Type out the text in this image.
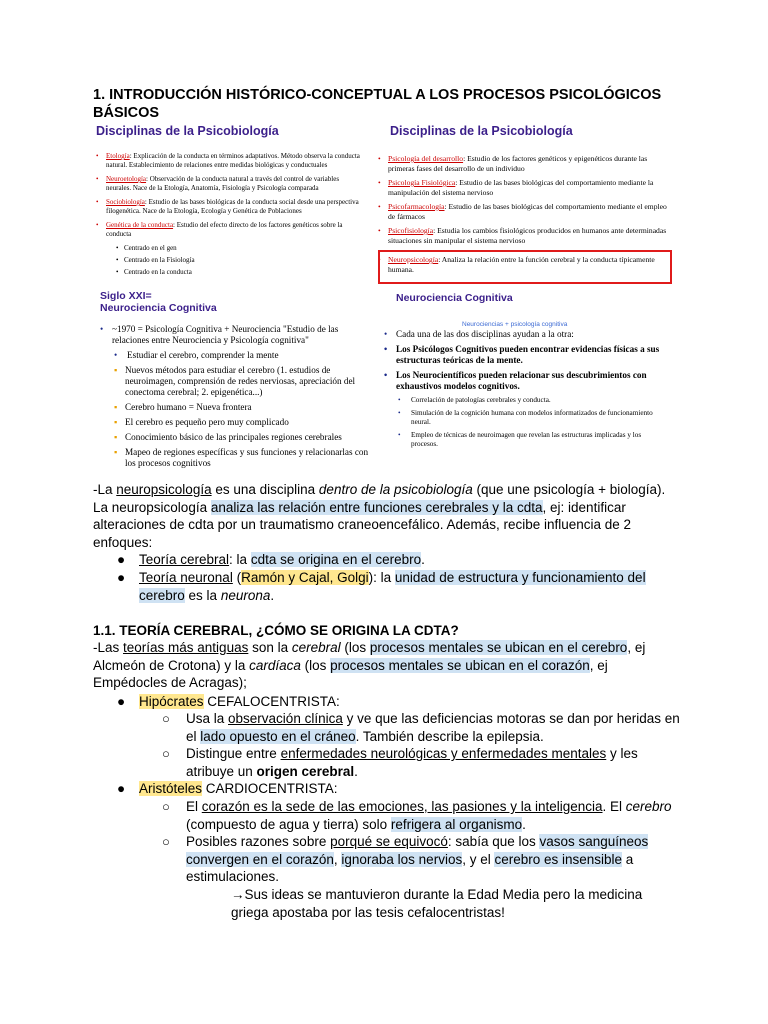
1. INTRODUCCIÓN HISTÓRICO-CONCEPTUAL A LOS PROCESOS PSICOLÓGICOS BÁSICOS
Disciplinas de la Psicobiología
• Etología: Explicación de la conducta en términos adaptativos. Método observa la conducta natural. Establecimiento de relaciones entre medidas biológicas y conductuales
• Neuroetología: Observación de la conducta natural a través del control de variables neurales. Nace de la Etología, Anatomía, Fisiología y Psicología comparada
• Sociobiología: Estudio de las bases biológicas de la conducta social desde una perspectiva filogenética. Nace de la Etología, Ecología y Genética de Poblaciones
• Genética de la conducta: Estudio del efecto directo de los factores genéticos sobre la conducta
• Centrado en el gen
• Centrado en la Fisiología
• Centrado en la conducta
Disciplinas de la Psicobiología
• Psicología del desarrollo: Estudio de los factores genéticos y epigenéticos durante las primeras fases del desarrollo de un individuo
• Psicología Fisiológica: Estudio de las bases biológicas del comportamiento mediante la manipulación del sistema nervioso
• Psicofarmacología: Estudio de las bases biológicas del comportamiento mediante el empleo de fármacos
• Psicofisiología: Estudia los cambios fisiológicos producidos en humanos ante determinadas situaciones sin manipular el sistema nervioso
• Neuropsicología: Analiza la relación entre la función cerebral y la conducta típicamente humana.
Siglo XXI=
Neurociencia Cognitiva
• ~1970 = Psicología Cognitiva + Neurociencia "Estudio de las relaciones entre Neurociencia y Psicología cognitiva"
• Estudiar el cerebro, comprender la mente
▪ Nuevos métodos para estudiar el cerebro (1. estudios de neuroimagen, comprensión de redes nerviosas, apreciación del conectoma cerebral; 2. epigenética...)
▪ Cerebro humano = Nueva frontera
▪ El cerebro es pequeño pero muy complicado
▪ Conocimiento básico de las principales regiones cerebrales
▪ Mapeo de regiones específicas y sus funciones y relacionarlas con los procesos cognitivos
Neurociencia Cognitiva
Neurociencias + psicología cognitiva
• Cada una de las dos disciplinas ayudan a la otra:
• Los Psicólogos Cognitivos pueden encontrar evidencias físicas a sus estructuras teóricas de la mente.
• Los Neurocientíficos pueden relacionar sus descubrimientos con exhaustivos modelos cognitivos.
• Correlación de patologías cerebrales y conducta.
• Simulación de la cognición humana con modelos informatizados de funcionamiento neural.
• Empleo de técnicas de neuroimagen que revelan las estructuras implicadas y los procesos.
-La neuropsicología es una disciplina dentro de la psicobiología (que une psicología + biología). La neuropsicología analiza las relación entre funciones cerebrales y la cdta, ej: identificar alteraciones de cdta por un traumatismo craneoencefálico. Además, recibe influencia de 2 enfoques:
● Teoría cerebral: la cdta se origina en el cerebro.
● Teoría neuronal (Ramón y Cajal, Golgi): la unidad de estructura y funcionamiento del cerebro es la neurona.
1.1. TEORÍA CEREBRAL, ¿CÓMO SE ORIGINA LA CDTA?
-Las teorías más antiguas son la cerebral (los procesos mentales se ubican en el cerebro, ej Alcmeón de Crotona) y la cardíaca (los procesos mentales se ubican en el corazón, ej Empédocles de Acragas);
● Hipócrates CEFALOCENTRISTA:
○ Usa la observación clínica y ve que las deficiencias motoras se dan por heridas en el lado opuesto en el cráneo. También describe la epilepsia.
○ Distingue entre enfermedades neurológicas y enfermedades mentales y les atribuye un origen cerebral.
● Aristóteles CARDIOCENTRISTA:
○ El corazón es la sede de las emociones, las pasiones y la inteligencia. El cerebro (compuesto de agua y tierra) solo refrigera al organismo.
○ Posibles razones sobre porqué se equivocó: sabía que los vasos sanguíneos convergen en el corazón, ignoraba los nervios, y el cerebro es insensible a estimulaciones.
→Sus ideas se mantuvieron durante la Edad Media pero la medicina griega apostaba por las tesis cefalocentristas!
